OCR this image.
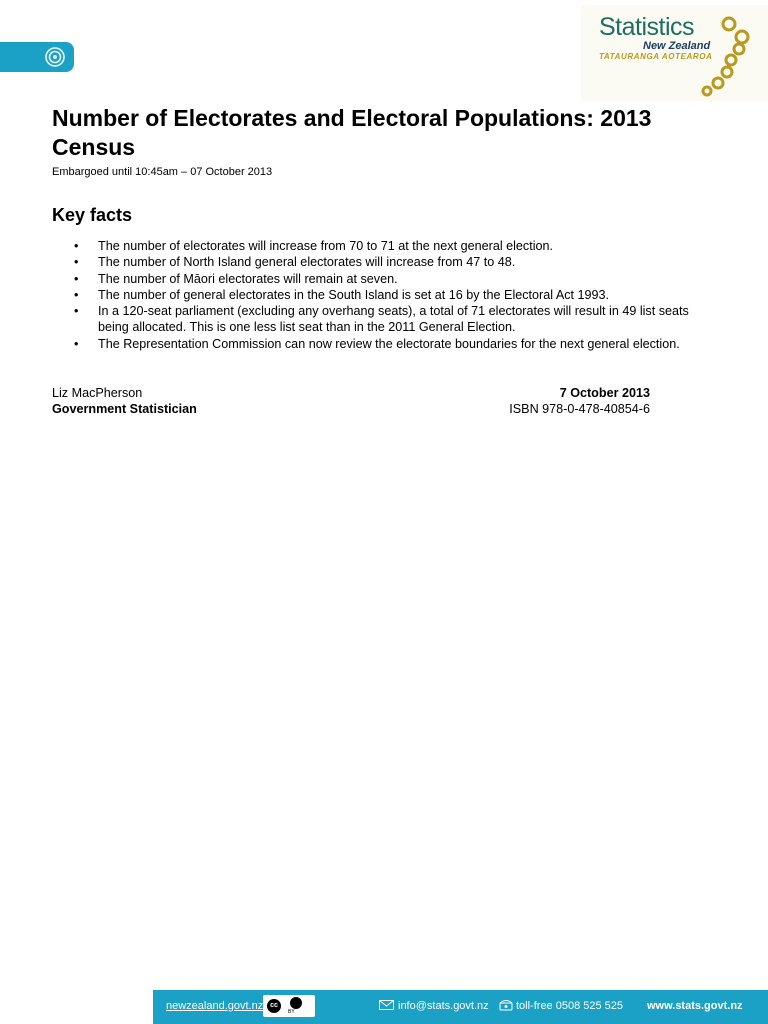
Statistics
New Zealand
TATAURANGA AOTEAROA
Number of Electorates and Electoral Populations: 2013 Census
Embargoed until 10:45am – 07 October 2013
Key facts
• The number of electorates will increase from 70 to 71 at the next general election.
• The number of North Island general electorates will increase from 47 to 48.
• The number of Māori electorates will remain at seven.
• The number of general electorates in the South Island is set at 16 by the Electoral Act 1993.
• In a 120-seat parliament (excluding any overhang seats), a total of 71 electorates will result in 49 list seats being allocated. This is one less list seat than in the 2011 General Election.
• The Representation Commission can now review the electorate boundaries for the next general election.
Liz MacPherson
Government Statistician
7 October 2013
ISBN 978-0-478-40854-6
newzealand.govt.nz cc
BY	info@stats.govt.nz toll-free 0508 525 525 www.stats.govt.nz
